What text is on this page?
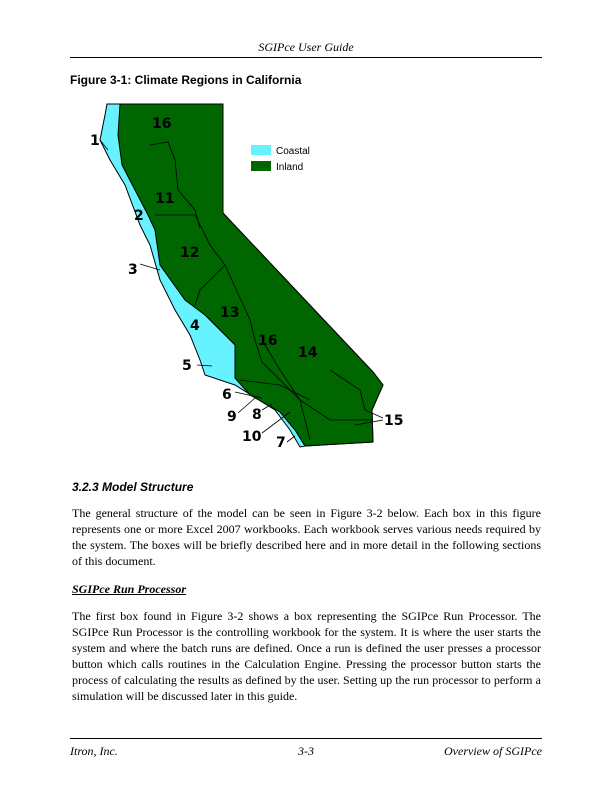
SGIPce User Guide
Figure 3-1: Climate Regions in California
16
1
2
11
12
3
13
4
16
14
5
6
9 8
10 7
15
Coastal
Inland
3.2.3 Model Structure
The general structure of the model can be seen in Figure 3-2 below. Each box in this figure represents one or more Excel 2007 workbooks. Each workbook serves various needs required by the system. The boxes will be briefly described here and in more detail in the following sections of this document.
SGIPce Run Processor
The first box found in Figure 3-2 shows a box representing the SGIPce Run Processor. The SGIPce Run Processor is the controlling workbook for the system. It is where the user starts the system and where the batch runs are defined. Once a run is defined the user presses a processor button which calls routines in the Calculation Engine. Pressing the processor button starts the process of calculating the results as defined by the user. Setting up the run processor to perform a simulation will be discussed later in this guide.
Itron, Inc.	3-3	Overview of SGIPce
